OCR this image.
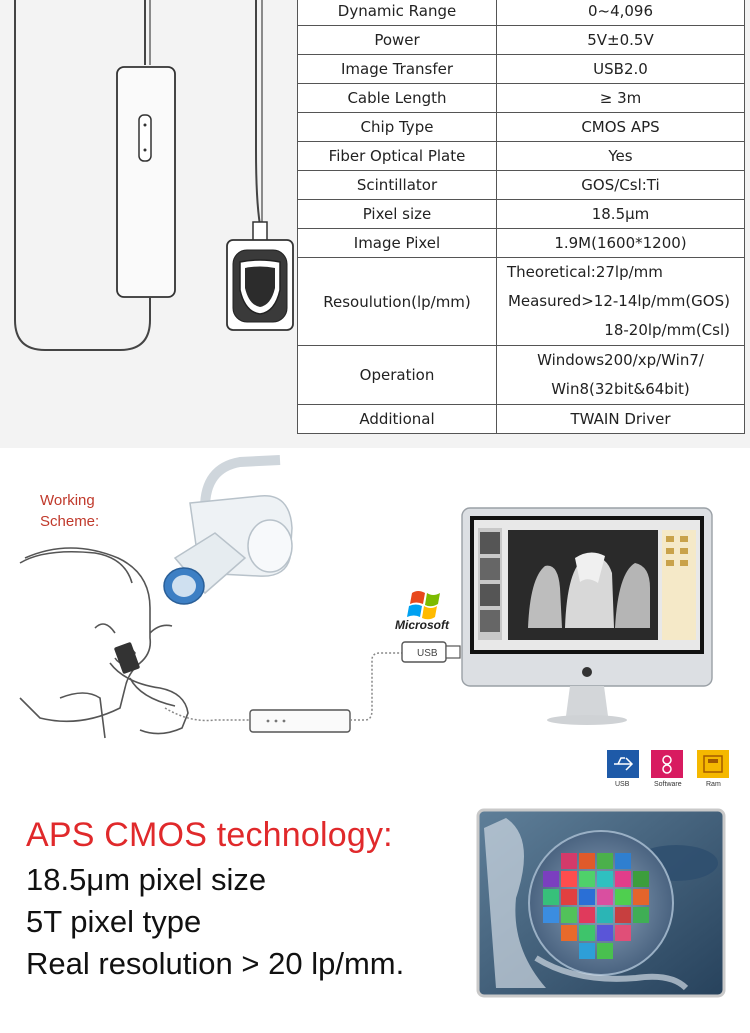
Dynamic Range	0~4,096
Power	5V±0.5V
Image Transfer	USB2.0
Cable Length	≥ 3m
Chip Type	CMOS APS
Fiber Optical Plate	Yes
Scintillator	GOS/Csl:Ti
Pixel size	18.5μm
Image Pixel	1.9M(1600*1200)
Resoulution(lp/mm)	Theoretical:27lp/mm
Measured>12-14lp/mm(GOS)
18-20lp/mm(Csl)

Operation	Windows200/xp/Win7/
Win8(32bit&64bit)

Additional	TWAIN Driver
Working
Scheme:
Microsoft
USB
USB	Software	Ram
APS CMOS technology:
18.5μm pixel size
5T pixel type
Real resolution > 20 lp/mm.
